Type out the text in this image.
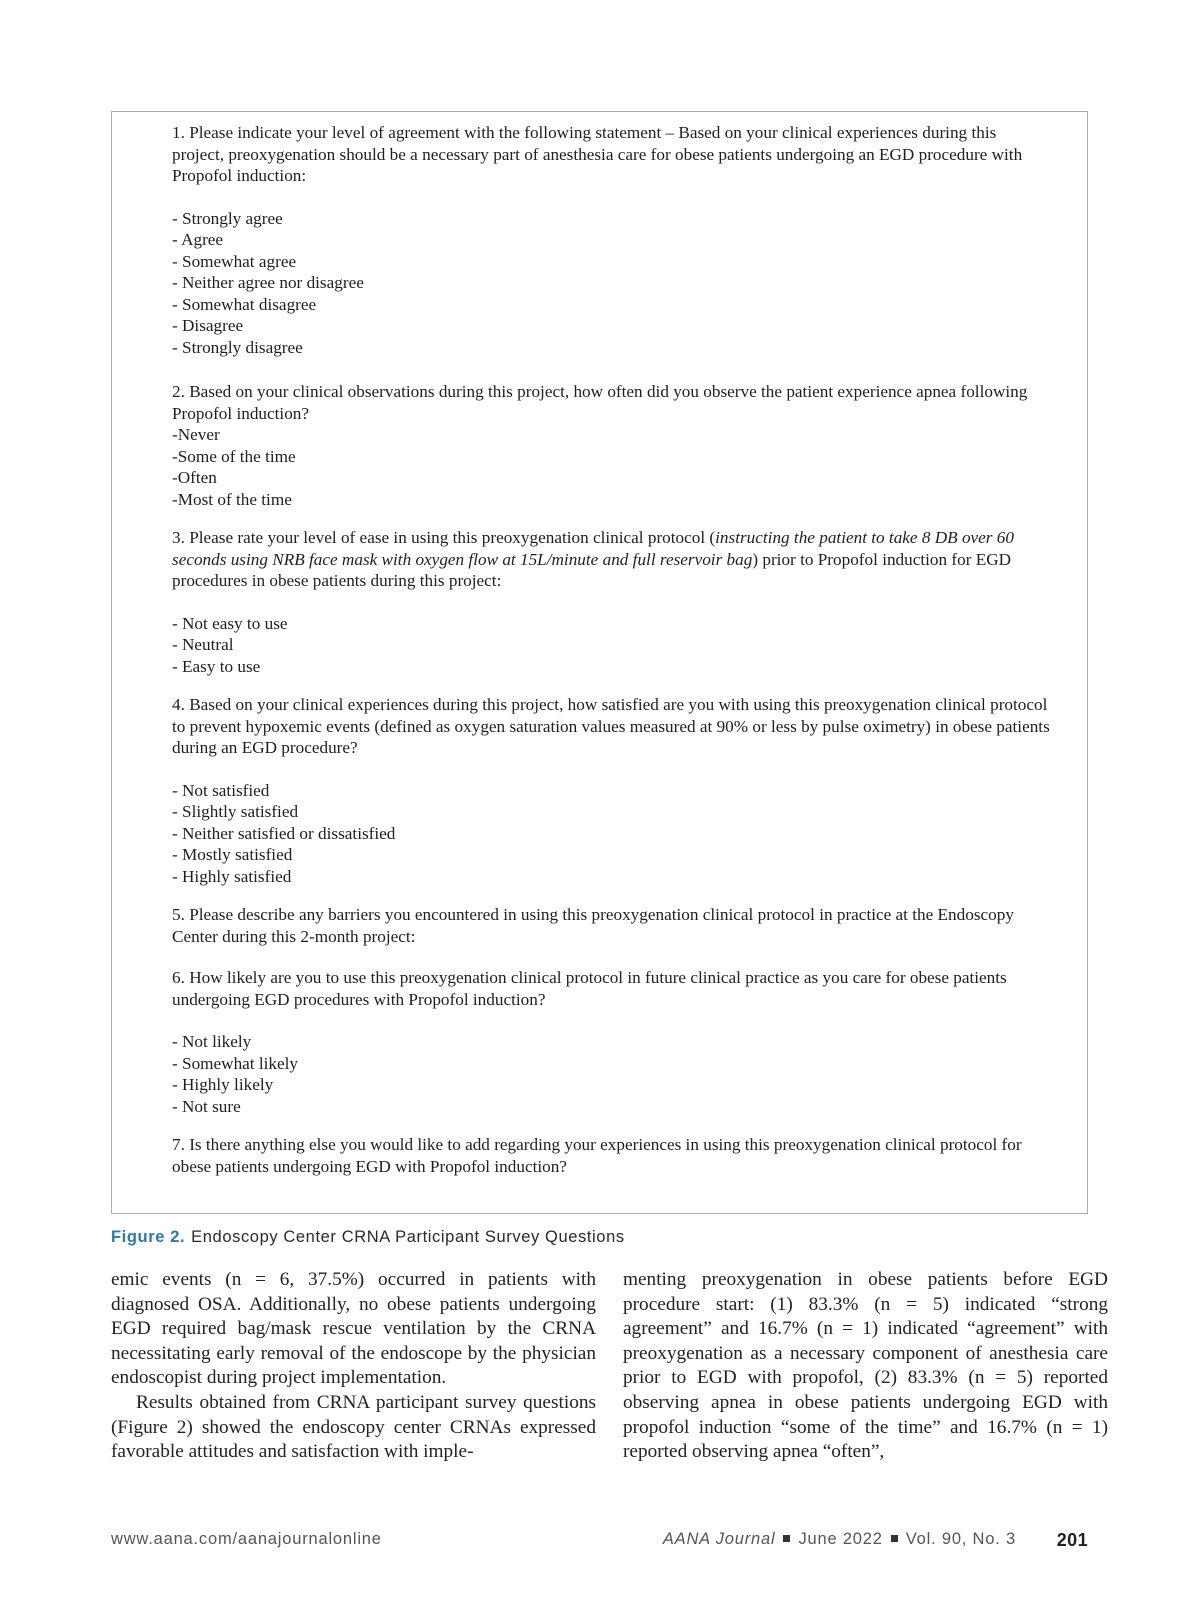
1. Please indicate your level of agreement with the following statement – Based on your clinical experiences during this project, preoxygenation should be a necessary part of anesthesia care for obese patients undergoing an EGD procedure with Propofol induction:

- Strongly agree
- Agree
- Somewhat agree
- Neither agree nor disagree
- Somewhat disagree
- Disagree
- Strongly disagree

2. Based on your clinical observations during this project, how often did you observe the patient experience apnea following Propofol induction?

-Never
-Some of the time
-Often
-Most of the time

3. Please rate your level of ease in using this preoxygenation clinical protocol (instructing the patient to take 8 DB over 60 seconds using NRB face mask with oxygen flow at 15L/minute and full reservoir bag) prior to Propofol induction for EGD procedures in obese patients during this project:

- Not easy to use
- Neutral
- Easy to use

4. Based on your clinical experiences during this project, how satisfied are you with using this preoxygenation clinical protocol to prevent hypoxemic events (defined as oxygen saturation values measured at 90% or less by pulse oximetry) in obese patients during an EGD procedure?

- Not satisfied
- Slightly satisfied
- Neither satisfied or dissatisfied
- Mostly satisfied
- Highly satisfied

5. Please describe any barriers you encountered in using this preoxygenation clinical protocol in practice at the Endoscopy Center during this 2-month project:

6. How likely are you to use this preoxygenation clinical protocol in future clinical practice as you care for obese patients undergoing EGD procedures with Propofol induction?

- Not likely
- Somewhat likely
- Highly likely
- Not sure

7. Is there anything else you would like to add regarding your experiences in using this preoxygenation clinical protocol for obese patients undergoing EGD with Propofol induction?

Figure 2. Endoscopy Center CRNA Participant Survey Questions

emic events (n = 6, 37.5%) occurred in patients with diagnosed OSA. Additionally, no obese patients undergoing EGD required bag/mask rescue ventilation by the CRNA necessitating early removal of the endoscope by the physician endoscopist during project implementation.

Results obtained from CRNA participant survey questions (Figure 2) showed the endoscopy center CRNAs expressed favorable attitudes and satisfaction with imple-

menting preoxygenation in obese patients before EGD procedure start: (1) 83.3% (n = 5) indicated “strong agreement” and 16.7% (n = 1) indicated “agreement” with preoxygenation as a necessary component of anesthesia care prior to EGD with propofol, (2) 83.3% (n = 5) reported observing apnea in obese patients undergoing EGD with propofol induction “some of the time” and 16.7% (n = 1) reported observing apnea “often”,

www.aana.com/aanajournalonline	AANA Journal June 2022 Vol. 90, No. 3 201
